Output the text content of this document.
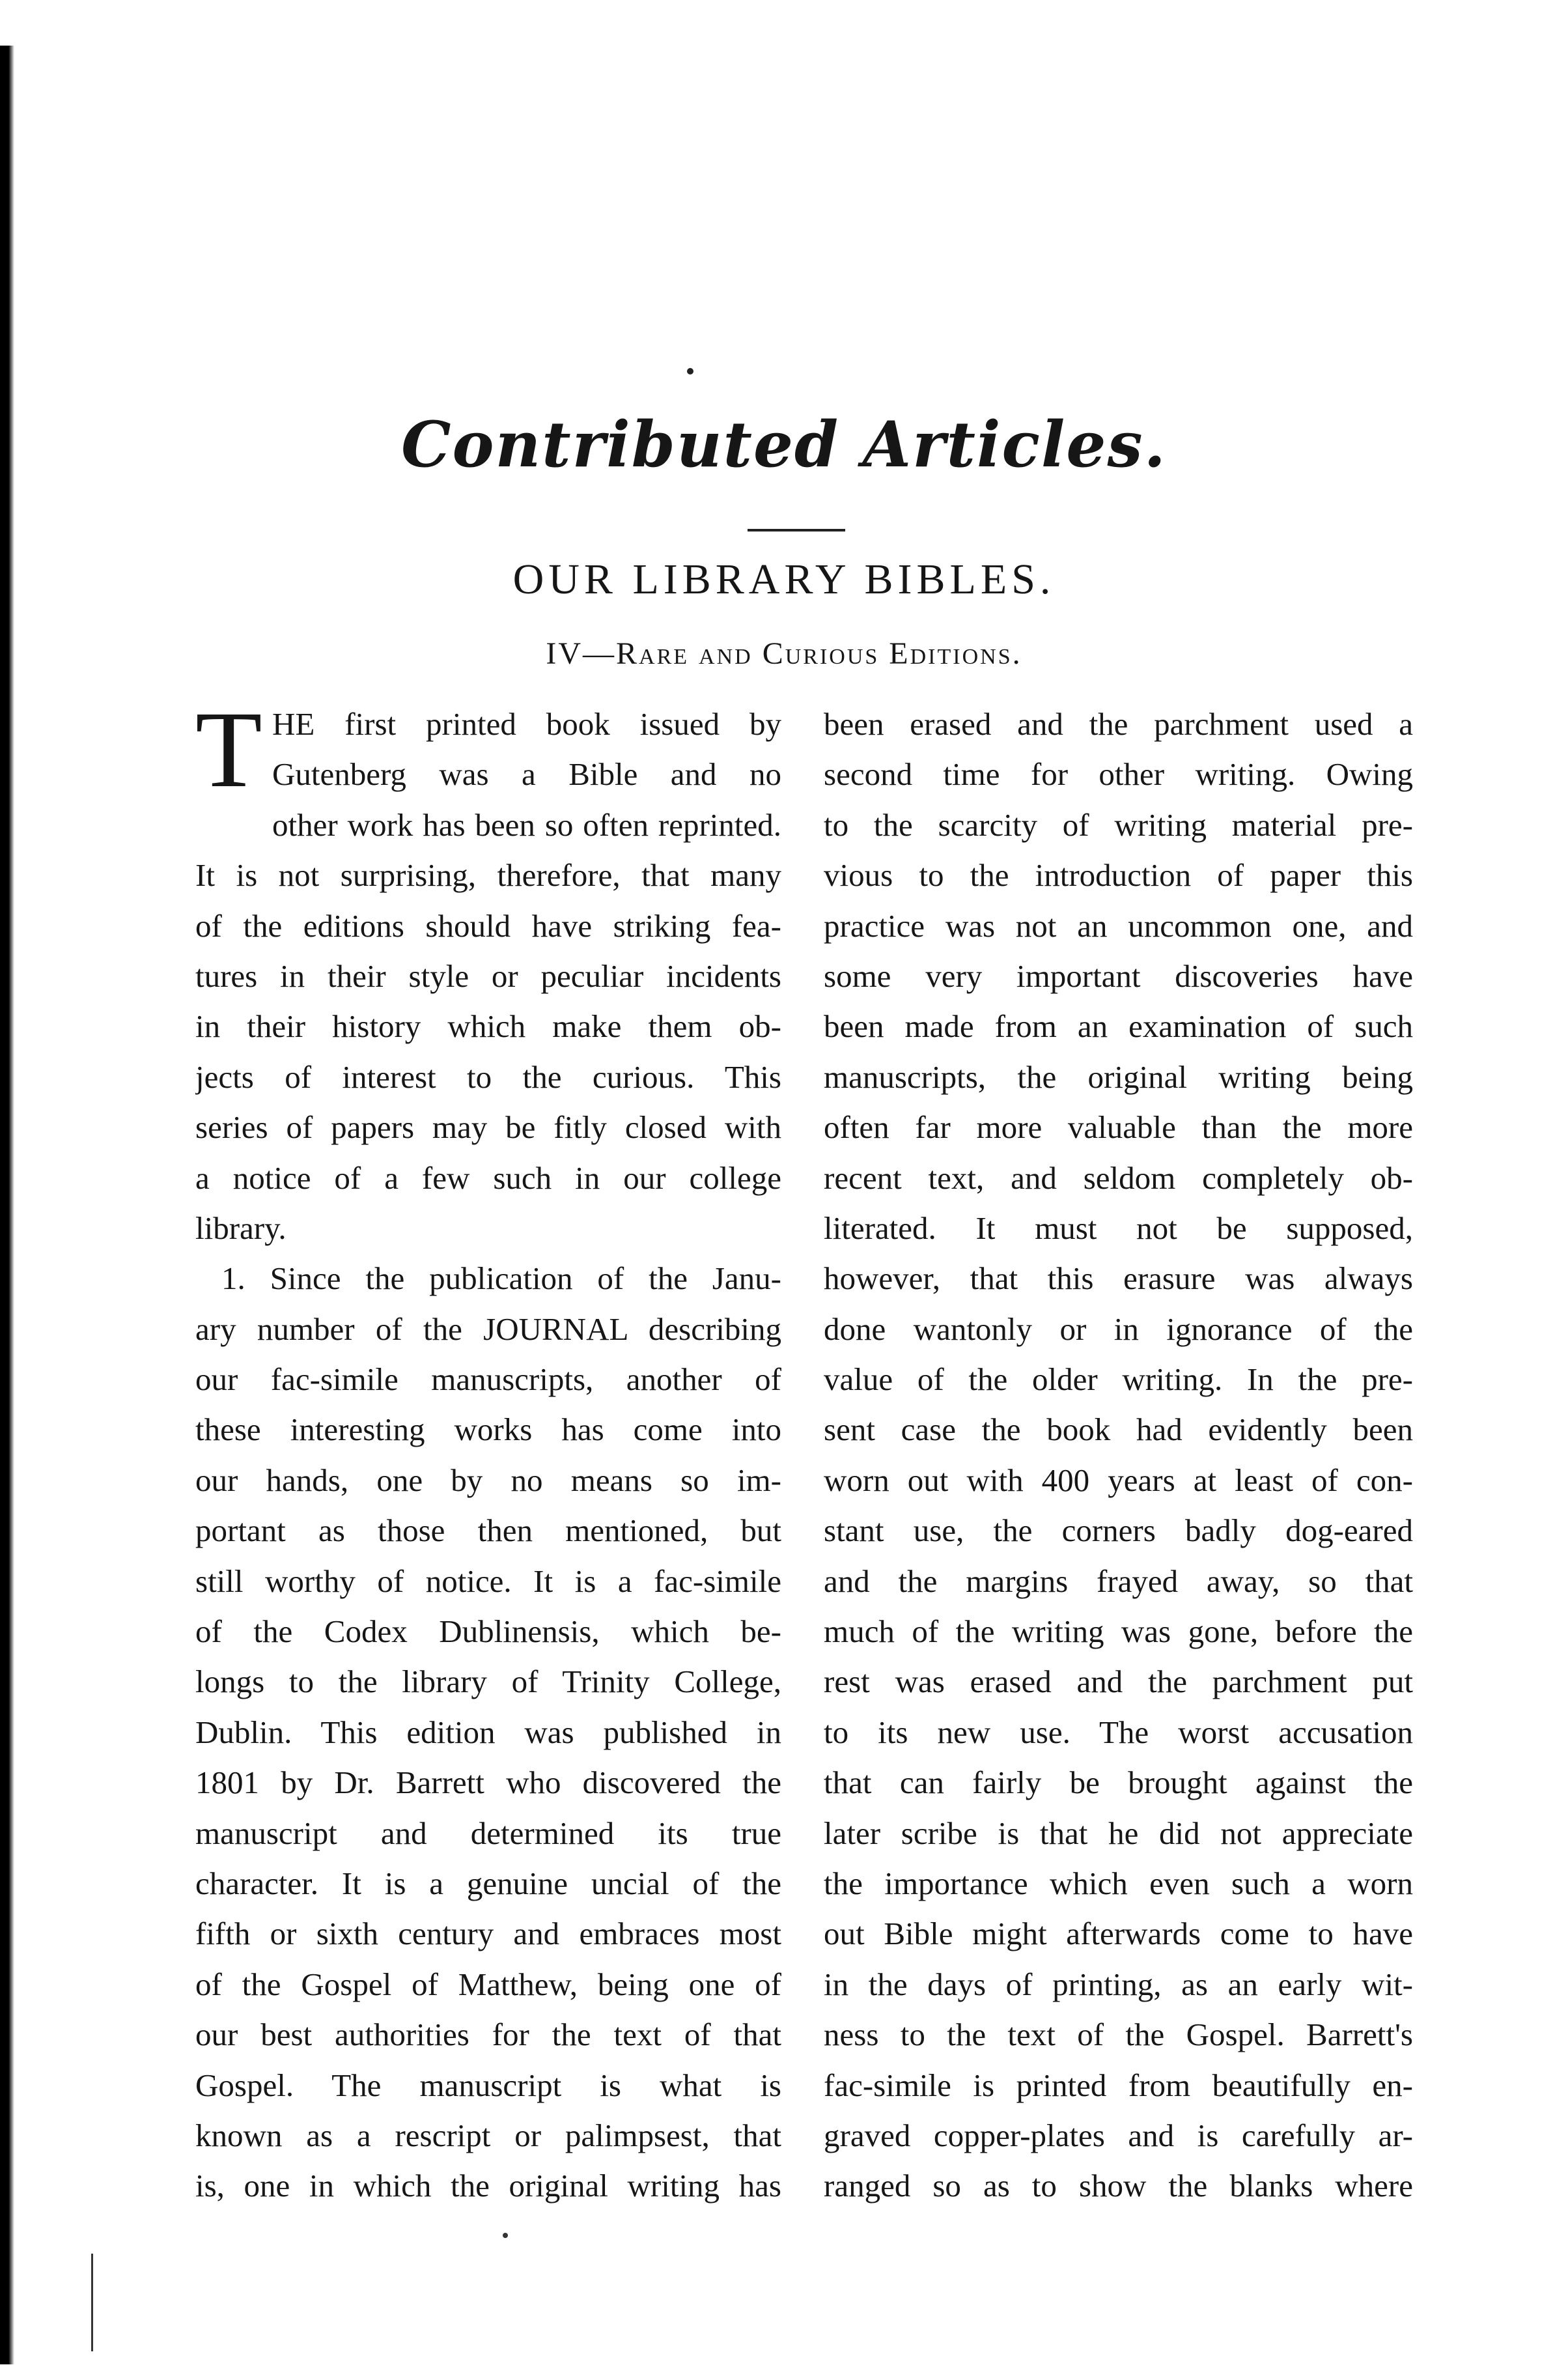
Contributed Articles.
OUR LIBRARY BIBLES.
IV—Rare and Curious Editions.
T HE first printed book issued by
Gutenberg was a Bible and no
other work has been so often reprinted.
It is not surprising, therefore, that many
of the editions should have striking fea-
tures in their style or peculiar incidents
in their history which make them ob-
jects of interest to the curious. This
series of papers may be fitly closed with
a notice of a few such in our college
library.
1. Since the publication of the Janu-
ary number of the JOURNAL describing
our fac-simile manuscripts, another of
these interesting works has come into
our hands, one by no means so im-
portant as those then mentioned, but
still worthy of notice. It is a fac-simile
of the Codex Dublinensis, which be-
longs to the library of Trinity College,
Dublin. This edition was published in
1801 by Dr. Barrett who discovered the
manuscript and determined its true
character. It is a genuine uncial of the
fifth or sixth century and embraces most
of the Gospel of Matthew, being one of
our best authorities for the text of that
Gospel. The manuscript is what is
known as a rescript or palimpsest, that
is, one in which the original writing has
been erased and the parchment used a
second time for other writing. Owing
to the scarcity of writing material pre-
vious to the introduction of paper this
practice was not an uncommon one, and
some very important discoveries have
been made from an examination of such
manuscripts, the original writing being
often far more valuable than the more
recent text, and seldom completely ob-
literated. It must not be supposed,
however, that this erasure was always
done wantonly or in ignorance of the
value of the older writing. In the pre-
sent case the book had evidently been
worn out with 400 years at least of con-
stant use, the corners badly dog-eared
and the margins frayed away, so that
much of the writing was gone, before the
rest was erased and the parchment put
to its new use. The worst accusation
that can fairly be brought against the
later scribe is that he did not appreciate
the importance which even such a worn
out Bible might afterwards come to have
in the days of printing, as an early wit-
ness to the text of the Gospel. Barrett's
fac-simile is printed from beautifully en-
graved copper-plates and is carefully ar-
ranged so as to show the blanks where
